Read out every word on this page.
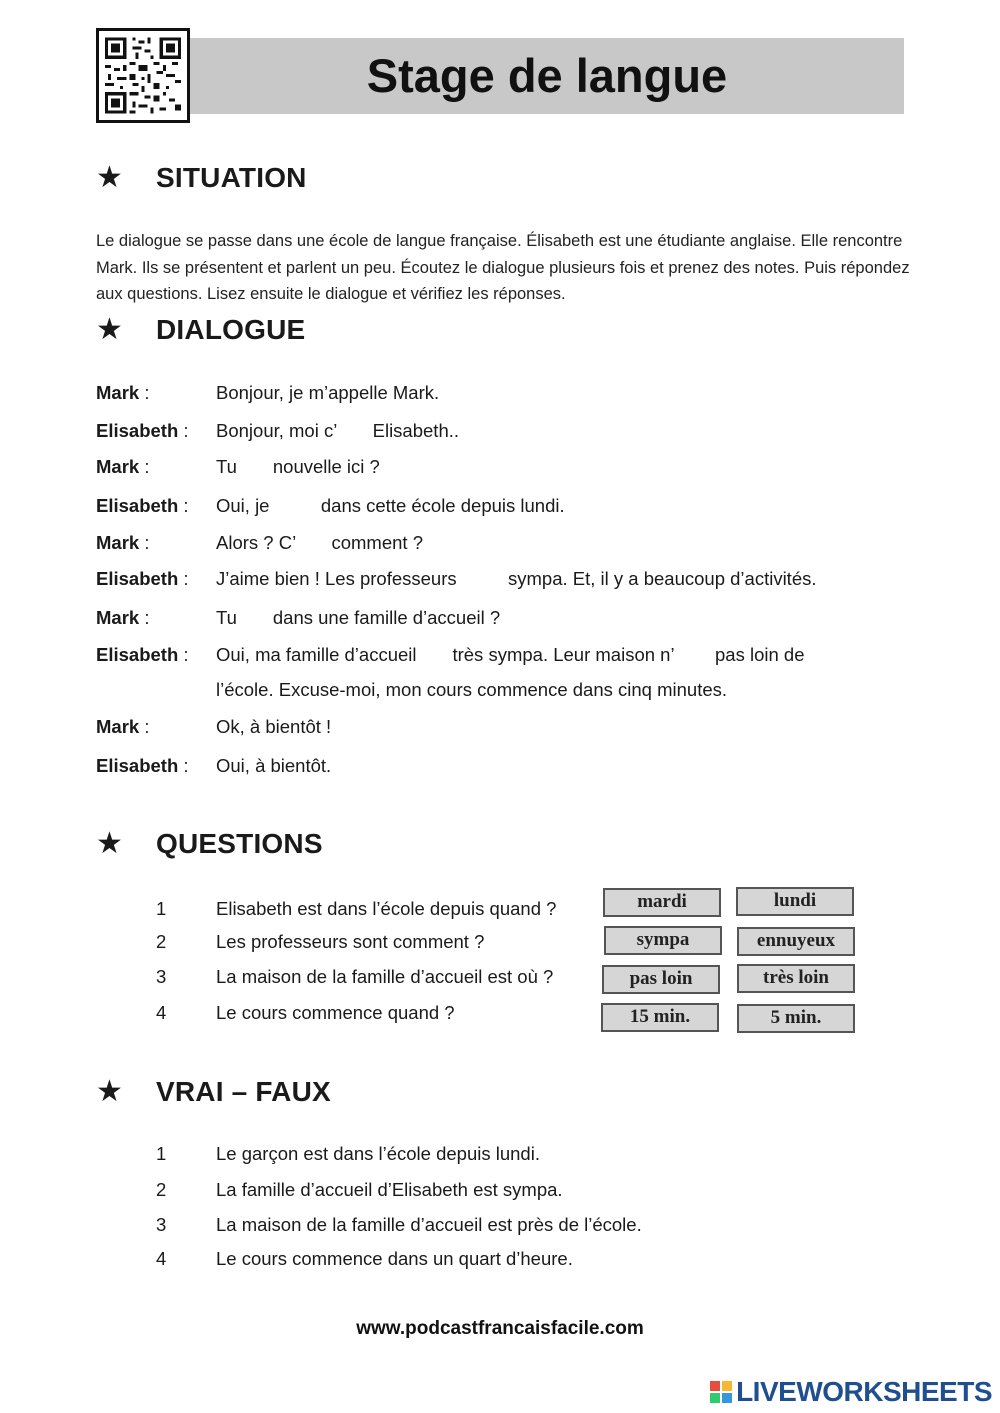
Stage de langue
★	SITUATION
Le dialogue se passe dans une école de langue française. Élisabeth est une étudiante anglaise. Elle rencontre Mark. Ils se présentent et parlent un peu. Écoutez le dialogue plusieurs fois et prenez des notes. Puis répondez aux questions. Lisez ensuite le dialogue et vérifiez les réponses.
★	DIALOGUE
Mark :	Bonjour, je m’appelle Mark.
Elisabeth :	Bonjour, moi c’       Elisabeth..
Mark :	Tu       nouvelle ici ?
Elisabeth :	Oui, je          dans cette école depuis lundi.
Mark :	Alors ? C’       comment ?
Elisabeth :	J’aime bien ! Les professeurs          sympa. Et, il y a beaucoup d’activités.
Mark :	Tu       dans une famille d’accueil ?
Elisabeth :	Oui, ma famille d’accueil       très sympa. Leur maison n’        pas loin de
l’école. Excuse-moi, mon cours commence dans cinq minutes.
Mark :	Ok, à bientôt !
Elisabeth :	Oui, à bientôt.
★	QUESTIONS
1	Elisabeth est dans l’école depuis quand ?	mardi	lundi
2	Les professeurs sont comment ?	sympa	ennuyeux
3	La maison de la famille d’accueil est où ?	pas loin	très loin
4	Le cours commence quand ?	15 min.	5 min.
★	VRAI – FAUX
1	Le garçon est dans l’école depuis lundi.
2	La famille d’accueil d’Elisabeth est sympa.
3	La maison de la famille d’accueil est près de l’école.
4	Le cours commence dans un quart d’heure.
www.podcastfrancaisfacile.com
LIVEWORKSHEETS
